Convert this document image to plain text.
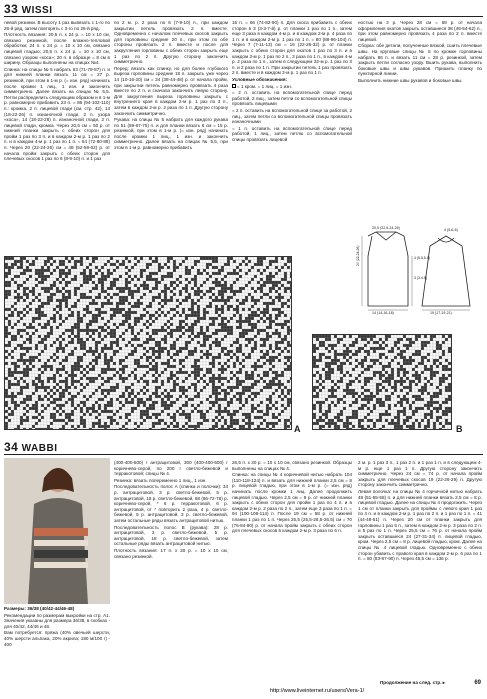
33 WISSI

левой резинки. В высоту 1 раз вывязать с 1-го по 26-й ряд, затем повторять с 3-го по 26-й ряд.

Плотность вязания: 20,5 п. х 24 р. = 10 х 10 см, связано резинкой, после влажно-тепловой обработки; 24 п. х 24 р. = 10 х 10 см, связано лицевой гладью; 20,5 п. х 24 р. = 10 х 10 см, связано узором «коса»; 20 п. в образце = 8 см в ширину. Образцы выполнены на спицах №4.

Спинка: на спицы № 5 набрать 63 (71-79-87) п. и для нижней планки вязать 11 см = 27 р. резинкой, при этом в 1-м р. (= изн. ряд) начинать после кромки 1 лиц., 1 изн. и закончить симметрично. Далее вязать на спицах № 5,5. Петли распределить следующим образом и в 1-м р. равномерно прибавить 23 п. = 86 (94-102-110) п.: кромка, 2 п. лицевой глади (см. стр. 42), 14 (18-22-26) п. изнаночной глади, 2 п. узора «коса», 14 (18-22-26) п. изнаночной глади, 2 п. лицевой глади, кромка. Через 20,5 см = 50 р. от нижней планки закрыть с обеих сторон для пройм 1 раз по 3 п. и в каждом 2-м р. 1 раз по 2 п. и в каждом 4-м р. 1 раз по 1 п. = 64 (72-80-88) п. Через 20 (22-24-26) см = 48 (52-58-62) р. от начала пройм закрыть с обеих сторон для плечевых скосов 1 раз по 6 (8-9-10) п. и 1 раз

по 2 м. р. 2 раза по 6 (7-9-10) п., при каждом закрытии петель провязать 2 п. вместе. Одновременно с началом плечевых скосов закрыть для горловины средние 20 п., при этом по обе стороны провязать 2 п. вместе и после для закругления горловины с обеих сторон закрыть еще 1 раз по 2 п. Другую сторону закончить симметрично.

Перед: вязать как спинку, но для более глубокого выреза горловины средние 18 п. закрыть уже через 14 (10-16-20) см = 34 (38-44-48) р. от начала пройм, при закрытии петель равномерно провязать 4 раза вместе по 2 п. и сначала закончить левую сторону. Для закругления выреза горловины закрыть с внутреннего края в каждом 2-м р. 1 раз по 3 п., затем в каждом 2-м р. 2 раза по 1 п. Другую сторону закончить симметрично.

Рукава: на спицы № 5 набрать для каждого рукава по 51 (59-67-75) п. и для планки вязать 6 см = 15 р. резинкой, при этом в 1-м р. (= изн. ряд) начинать после кромки 1 лиц., 1 изн. и закончить симметрично. Далее вязать на спицах № 5,5, при этом в 1-м р. равномерно прибавить

15 п. = 66 (74-82-90) п. Для скоса прибавить с обеих сторон в 3 (3-3-7-й) р. от планки 1 раз по 1 п., затем еще 3 раза в каждом 4-м р. и в каждом 2-м р. 4 раза по 1 п. и в каждом 2-м р. 1 раз по 1 п. = 80 (88-96-104) п. Через 7 (7-11-13) см = 16 (22-26-32) р. от планки закрыть с обеих сторон для окатов 1 раз по 3 п. и в каждом 2-м р. 1 раз по 2 п., 3 раза по 1 п., в каждом 4-м р. 2 раза по 1 п., затем в следующем 32-м р. 1 раз по 3 п. и 2 раза по 1 п. При закрытии петель 1 раз провязать 2 п. вместе и в каждом 2-м р. 1 раз по 1 п.

Условные обозначения:

= 1 кром. = 1 лиц. = 1 изн.

= 2 п. оставить на вспомогательной спице перед работой, 2 лиц., затем петли со вспомогательной спицы провязать лицевыми

= 2 п. оставить на вспомогательной спице за работой, 2 лиц., затем петли со вспомогательной спицы провязать изнаночными

= 1 п. оставить на вспомогательной спице перед работой, 1 лиц., затем петлю со вспомогательной спицы провязать лицевой

ностью на 3 р. Через 28 см = 68 р. от начала оформления окатов закрыть оставшиеся 38 (46-54-62) п., при этом равномерно провязать 4 раза по 2 п. вместе лицевой.

Сборка: обе детали, полученные вязкой, сшить плечевые швы. На круговые спицы № 5 по кромке горловины набрать 86 п. и вязать 11 см = 28 р. резинкой, затем закрыть петли согласно узору. Вшить рукава, выполнить боковые швы и швы рукавов. Пришить планку по пунктирной линии.

Выполнить нижние швы рукавов и боковые швы.

20,5 (22,5-24-26)	4 (5-6-6)
20 (22-24-26)
14 (14-16-18)	19 (17-19-21)
4 (5-5,5-6)
3 (3-4-5)
A	B
34 WABBI

Размеры: 36/38 (40/42-44/46-48)

Рекомендации по размерам выкройки на стр. А1. Значения указаны для размера 36/38, в скобках - для 40/42, 44/46 и 48.

Вам потребуется: пряжа (40% овечьей шерсти, 40% шерсти альпака, 20% акрила; 180 м/100 г) - 400

(400-400-500) г антрацитовой, 300 (400-400-500) г коричнево-серой, по 200 г светло-бежевой и терракотовой; спицы № 4.

Резинка: вязать попеременно 1 лиц., 1 изн.

Последовательность полос А (спинка и полочки): 34 р. антрацитовой, 3 р. светло-бежевой, 5 р. антрацитовой, 18 р. светло-бежевой, 68 (66-72-78) р. коричнево-серой, * 6 р. терракотовой, 6 р. антрацитовой, от * повторить 2 раза, 4 р. светло-бежевой, 5 р. антрацитовой, 3 р. светло-бежевой, затем остальные ряды вязать антрацитовой нитью.

Последовательность полос В (рукава): 28 р. антрацитовой, 3 р. светло-бежевой, 5 р. антрацитовой, 18 р. светло-бежевой, затем остальные ряды вязать антрацитовой нитью.

Плотность вязания: 17 п. х 30 р. = 10 х 10 см, связано резинкой.

26,5 п. х 30 р. = 10 х 10 см, связано резинкой. Образцы выполнены на спицах № 4.

Спинка: на спицы № 4 коричневой нитью набрать 104 (110-118-124) п. и вязать для нижней планки 2,5 см = 8 р. лицевой гладью, при этом в 1-м р. (= изн. ряд) начинать после кромки 1 лиц. Далее продолжить лицевой гладью. Через 2,5 см = 8 р. от нижней планки закрыть с обеих сторон для пройм 1 раз по 4 п. и в каждом 2-м р. 2 раза по 2 п., затем еще 3 раза по 1 п. = 94 (100-108-114) п. После 19 см = 58 р. от нижней планки 1 раз по 1 п. Через 25,5 (25,5-26,5-26,5) см = 70 (76-84-90) р. от начала пройм закрыть с обеих сторон для плечевых скосов в каждом 2-м р. 3 раза по 6 п.

2 м. р. 1 раз 3 п., 1 раз 2 п. и 1 раз 1 п. и в следующем 4-м р. еще 1 раз 1 п. Другую сторону закончить симметрично. Через 24 см = 74 р. от начала пройм закрыть для плечевых скосов 19 (22-26-29) п. Другую сторону закончить симметрично.

Левая полочка: на спицы № 4 горчичной нитью набрать 48 (51-55-58) п. и для нижней планки вязать 2,5 см = 8 р. лицевой гладью. Далее на спицы № 4 продолжить. Через 1 см от планки закрыть для проймы с левого края 1 раз по 4 п. и в каждом 2-м р. 1 раз по 2 п. и 1 раз по 1 п. = 41 (44-48-51) п. Через 20 см от планки закрыть для горловины 1 раз 5 п., затем в каждом 2-м р. 3 раза по 2 п. и 5 раз по 1 п. Через 25,5 см = 76 р. от начала пройм закрыть оставшиеся 24 (27-31-34) п. лицевой гладью, кром. Через 2,5 см = 8 р. лицевой гладью, кром. Далее на спицы № 4 лицевой гладью. Одновременно с обеих сторон убавить с правого края в каждом 2-м р. 6 раз по 1 п. = 80 (83-87-90) п. Через 45,5 см = 136 р.

Продолжение на след. стр. ▸	69
http://www.liveinternet.ru/users/Vera-1/
